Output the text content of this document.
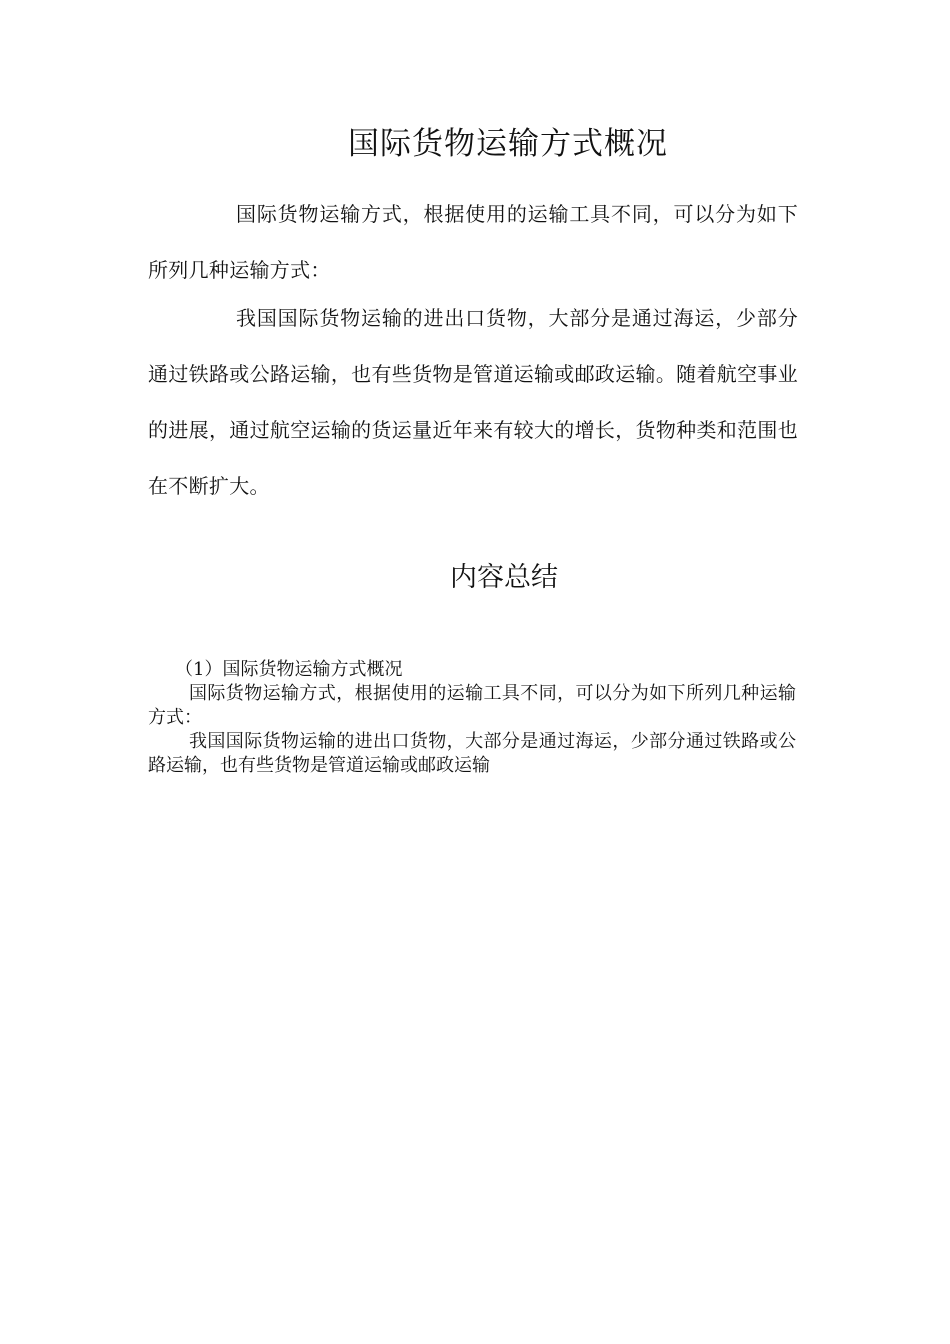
国际货物运输方式概况

国际货物运输方式，根据使用的运输工具不同，可以分为如下所列几种运输方式：

我国国际货物运输的进出口货物，大部分是通过海运，少部分通过铁路或公路运输，也有些货物是管道运输或邮政运输。随着航空事业的进展，通过航空运输的货运量近年来有较大的增长，货物种类和范围也在不断扩大。

内容总结

（1）国际货物运输方式概况

国际货物运输方式，根据使用的运输工具不同，可以分为如下所列几种运输方式：

我国国际货物运输的进出口货物，大部分是通过海运，少部分通过铁路或公路运输，也有些货物是管道运输或邮政运输
